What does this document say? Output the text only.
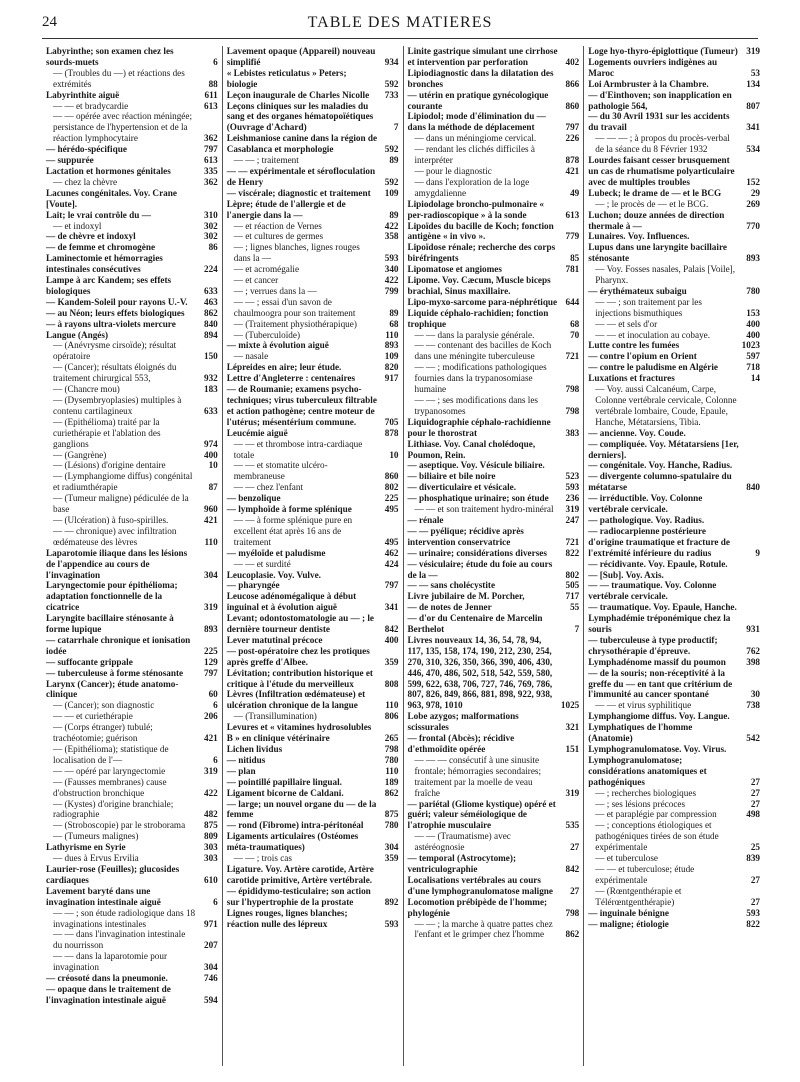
24	TABLE DES MATIERES
Labyrinthe; son examen chez les sourds-muets	6
— (Troubles du —) et réactions des extrémités	88
Labyrinthite aiguë	611
— — et bradycardie	613
— — opérée avec réaction méningée; persistance de l'hypertension et de la réaction lymphocytaire	362
— hérédo-spécifique	797
— suppurée	613
Lactation et hormones génitales	335
— chez la chèvre	362
Lacunes congénitales. Voy. Crane [Voute].
Lait; le vrai contrôle du —	310
— et indoxyl	302
— de chèvre et indoxyl	302
— de femme et chromogène	86
Laminectomie et hémorragies intestinales consécutives	224
Lampe à arc Kandem; ses effets biologiques	633
— Kandem-Soleil pour rayons U.-V.	463
— au Néon; leurs effets biologiques	862
— à rayons ultra-violets mercure	840
Langue (Angés)	894
— (Anévrysme cirsoïde); résultat opératoire	150
— (Cancer); résultats éloignés du traitement chirurgical 553,	932
— (Chancre mou)	183
— (Dysembryoplasies) multiples à contenu cartilagineux	633
— (Epithélioma) traité par la curiethérapie et l'ablation des ganglions	974
— (Gangrène)	400
— (Lésions) d'origine dentaire	10
— (Lymphangiome diffus) congénital et radiumthérapie	87
— (Tumeur maligne) pédiculée de la base	960
— (Ulcération) à fuso-spirilles.	421
— — chronique) avec infiltration œdémateuse des lèvres	110
Laparotomie iliaque dans les lésions de l'appendice au cours de l'invagination	304
Laryngectomie pour épithélioma; adaptation fonctionnelle de la cicatrice	319
Laryngite bacillaire sténosante à forme lupique	893
— catarrhale chronique et ionisation iodée	225
— suffocante grippale	129
— tuberculeuse à forme sténosante	797
Larynx (Cancer); étude anatomo-clinique	60
— (Cancer); son diagnostic	6
— — et curiethérapie	206
— (Corps étranger) tubulé; trachéotomie; guérison	421
— (Epithélioma); statistique de localisation de l'—	6
— — opéré par laryngectomie	319
— (Fausses membranes) cause d'obstruction bronchique	422
— (Kystes) d'origine branchiale; radiographie	482
— (Stroboscopie) par le stroborama	875
— (Tumeurs malignes)	809
Lathyrisme en Syrie	303
— dues à Ervus Ervilia	303
Laurier-rose (Feuilles); glucosides cardiaques	610
Lavement baryté dans une invagination intestinale aiguë	6
— — ; son étude radiologique dans 18 invaginations intestinales	971
— — dans l'invagination intestinale du nourrisson	207
— — dans la laparotomie pour invagination	304
— créosoté dans la pneumonie.	746
— opaque dans le traitement de l'invagination intestinale aiguë	594
Lavement opaque (Appareil) nouveau simplifié	934
« Lebistes reticulatus » Peters; biologie	592
Leçon inaugurale de Charles Nicolle	733
Leçons cliniques sur les maladies du sang et des organes hématopoïétiques (Ouvrage d'Achard)	7
Leishmaniose canine dans la région de Casablanca et morphologie	592
— — ; traitement	89
— — expérimentale et sérofloculation de Henry	592
— viscérale; diagnostic et traitement	109
Lèpre; étude de l'allergie et de l'anergie dans la —	89
— et réaction de Vernes	422
— et cultures de germes	358
— ; lignes blanches, lignes rouges dans la —	593
— et acromégalie	340
— et cancer	422
— ; verrues dans la —	799
— — ; essai d'un savon de chaulmoogra pour son traitement	89
— (Traitement physiothérapique)	68
— (Tuberculoïde)	110
— mixte à évolution aiguë	893
— nasale	109
Lépreides en aire; leur étude.	820
Lettre d'Angleterre : centenaires	917
— de Roumanie; examens psycho-techniques; virus tuberculeux filtrable et action pathogène; centre moteur de l'utérus; mésentérium commune.	705
Leucémie aiguë	878
— — et thrombose intra-cardiaque totale	10
— — et stomatite ulcéro-membraneuse	860
— — chez l'enfant	802
— benzolique	225
— lymphoïde à forme splénique	495
— — à forme splénique pure en excellent état après 16 ans de traitement	495
— myéloïde et paludisme	462
— — et surdité	424
Leucoplasie. Voy. Vulve.
— pharyngée	797
Leucose adénomégalique à début inguinal et à évolution aiguë	341
Levant; odontostomatologie au — ; le dernière tourneur dentiste	842
Lever matutinal précoce	400
— post-opératoire chez les protiques après greffe d'Albee.	359
Lévitation; contribution historique et critique à l'étude du merveilleux	808
Lèvres (Infiltration œdémateuse) et ulcération chronique de la langue	110
— (Transillumination)	806
Levures et « vitamines hydrosolubles B » en clinique vétérinaire	265
Lichen lividus	798
— nitidus	780
— plan	110
— pointillé papillaire lingual.	189
Ligament bicorne de Caldani.	862
— large; un nouvel organe du — de la femme	875
— rond (Fibrome) intra-péritonéal	780
Ligaments articulaires (Ostéomes méta-traumatiques)	304
— — ; trois cas	359
Ligature. Voy. Artère carotide, Artère carotide primitive, Artère vertébrale.
— épididymo-testiculaire; son action sur l'hypertrophie de la prostate	892
Lignes rouges, lignes blanches; réaction nulle des lépreux	593
Linite gastrique simulant une cirrhose et intervention par perforation	402
Lipiodiagnostic dans la dilatation des bronches	866
— utérin en pratique gynécologique courante	860
Lipiodol; mode d'élimination du — dans la méthode de déplacement	797
— dans un méningiome cervical.	226
— rendant les clichés difficiles à interpréter	878
— pour le diagnostic	421
— dans l'exploration de la loge amygdalienne	49
Lipiodolage broncho-pulmonaire « per-radioscopique » à la sonde	613
Lipoïdes du bacille de Koch; fonction antigène « in vivo ».	779
Lipoïdose rénale; recherche des corps biréfringents	85
Lipomatose et angiomes	781
Lipome. Voy. Cæcum, Muscle biceps brachial, Sinus maxillaire.
Lipo-myxo-sarcome para-néphrétique 644
Liquide céphalo-rachidien; fonction trophique	68
— — dans la paralysie générale.	70
— — contenant des bacilles de Koch dans une méningite tuberculeuse	721
— — ; modifications pathologiques fournies dans la trypanosomiase humaine	798
— — ; ses modifications dans les trypanosomes	798
Liquidographie céphalo-rachidienne pour le thorostrat	383
Lithiase. Voy. Canal cholédoque, Poumon, Rein.
— aseptique. Voy. Vésicule biliaire.
— biliaire et bile noire	523
— diverticulaire et vésicale.	593
— phosphatique urinaire; son étude	236
— — et son traitement hydro-minéral	319
— rénale	247
— — pyélique; récidive après intervention conservatrice	721
— urinaire; considérations diverses	822
— vésiculaire; étude du foie au cours de la —	802
— — sans cholécystite	505
Livre jubilaire de M. Porcher,	717
— de notes de Jenner	55
— d'or du Centenaire de Marcelin Berthelot	7
Livres nouveaux 14, 36, 54, 78, 94, 117, 135, 158, 174, 190, 212, 230, 254, 270, 310, 326, 350, 366, 390, 406, 430, 446, 470, 486, 502, 518, 542, 559, 580, 599, 622, 638, 706, 727, 746, 769, 786, 807, 826, 849, 866, 881, 898, 922, 938, 963, 978, 1010	1025
Lobe azygos; malformations scissurales	321
— frontal (Abcès); récidive d'ethmoïdite opérée	151
— — — consécutif à une sinusite frontale; hémorragies secondaires; traitement par la moelle de veau fraîche	319
— pariétal (Gliome kystique) opéré et guéri; valeur séméiologique de l'atrophie musculaire	535
— — (Traumatisme) avec astéréognosie	27
— temporal (Astrocytome); ventriculographie	842
Localisations vertébrales au cours d'une lymphogranulomatose maligne	27
Locomotion prébipède de l'homme; phylogénie	798
— — ; la marche à quatre pattes chez l'enfant et le grimper chez l'homme	862
Loge hyo-thyro-épiglottique (Tumeur) 319
Logements ouvriers indigènes au Maroc	53
Loi Armbruster à la Chambre.	134
— d'Einthoven; son inapplication en pathologie 564,	807
— du 30 Avril 1931 sur les accidents du travail	341
— — — ; à propos du procès-verbal de la séance du 8 Février 1932	534
Lourdes faisant cesser brusquement un cas de rhumatisme polyarticulaire avec de multiples troubles	152
Lubeck; le drame de — et le BCG	29
— ; le procès de — et le BCG.	269
Luchon; douze années de direction thermale à —	770
Lunaires. Voy. Influences.
Lupus dans une laryngite bacillaire sténosante	893
— Voy. Fosses nasales, Palais [Voile], Pharynx.
— érythémateux subaigu	780
— — ; son traitement par les injections bismuthiques	153
— — et sels d'or	400
— — et inoculation au cobaye.	400
Lutte contre les fumées	1023
— contre l'opium en Orient	597
— contre le paludisme en Algérie	718
Luxations et fractures	14
— Voy. aussi Calcanéum, Carpe, Colonne vertébrale cervicale, Colonne vertébrale lombaire, Coude, Epaule, Hanche, Métatarsiens, Tibia.
— ancienne. Voy. Coude.
— compliquée. Voy. Métatarsiens [1er, derniers].
— congénitale. Voy. Hanche, Radius.
— divergente columno-spatulaire du métatarse	840
— irréductible. Voy. Colonne vertébrale cervicale.
— pathologique. Voy. Radius.
— radiocarpienne postérieure d'origine traumatique et fracture de l'extrémité inférieure du radius	9
— récidivante. Voy. Epaule, Rotule.
— [Sub]. Voy. Axis.
— — traumatique. Voy. Colonne vertébrale cervicale.
— traumatique. Voy. Epaule, Hanche.
Lymphadémie tréponémique chez la souris	931
— tuberculeuse à type productif; chrysothérapie d'épreuve.	762
Lymphadénome massif du poumon	398
— de la souris; non-réceptivité à la greffe du — en tant que critérium de l'immunité au cancer spontané	30
— — et virus syphilitique	738
Lymphangiome diffus. Voy. Langue.
Lymphatiques de l'homme (Anatomie)	542
Lymphogranulomatose. Voy. Virus.
Lymphogranulomatose; considérations anatomiques et pathogéniques	27
— ; recherches biologiques	27
— ; ses lésions précoces	27
— et paraplégie par compression	498
— ; conceptions étiologiques et pathogéniques tirées de son étude expérimentale	25
— et tuberculose	839
— — et tuberculose; étude expérimentale	27
— (Rœntgenthérapie et Télérœntgenthérapie)	27
— inguinale bénigne	593
— maligne; étiologie	822
